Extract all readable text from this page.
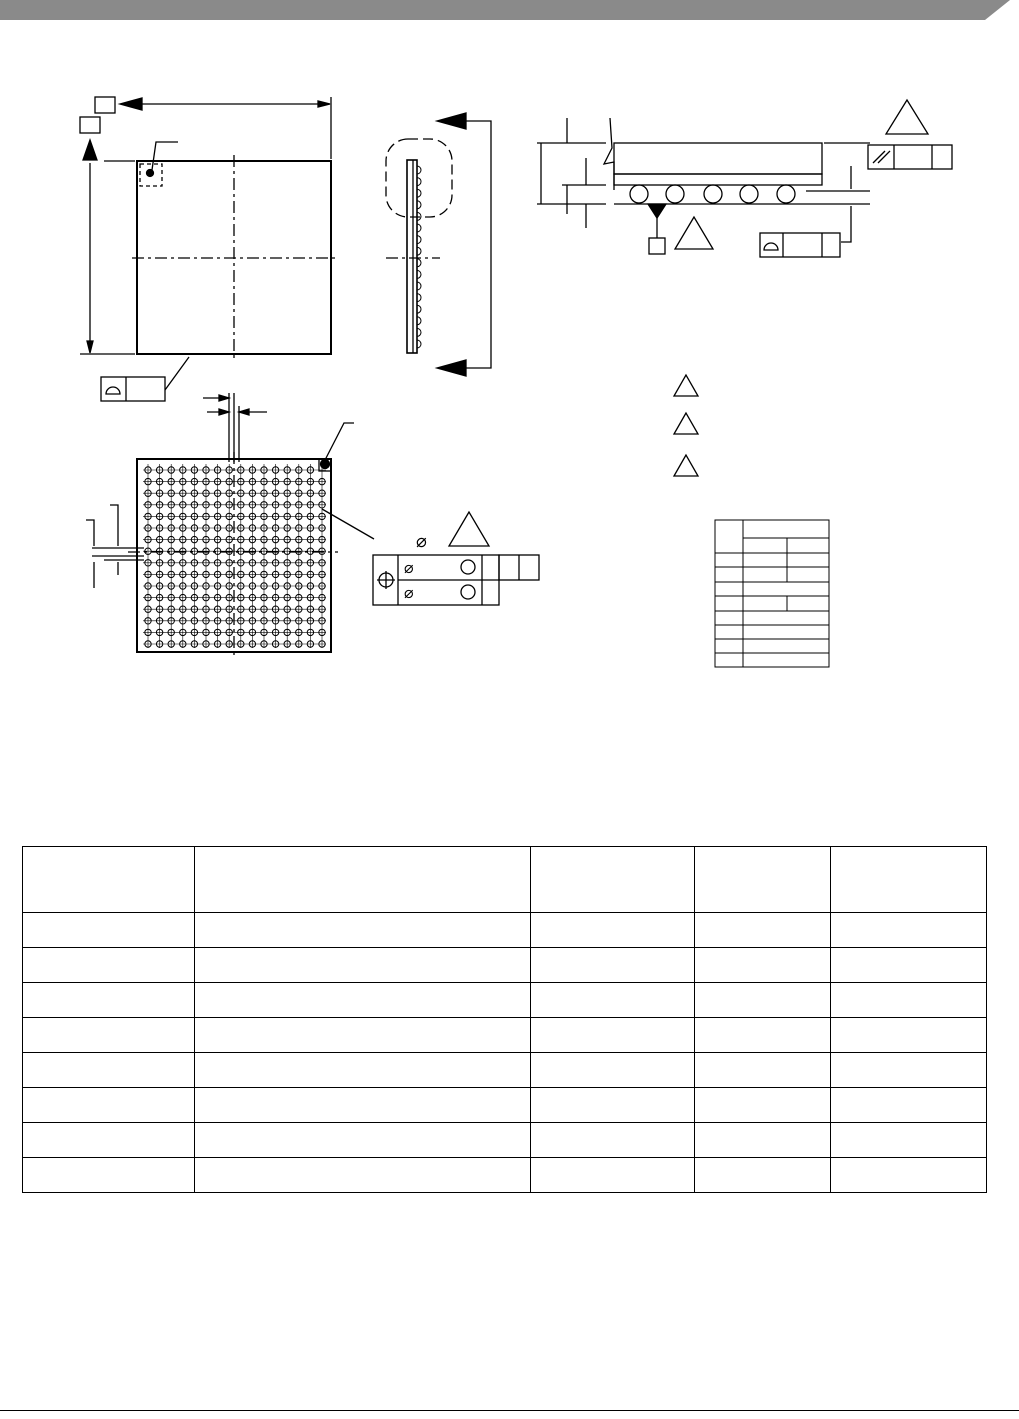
⌀
⌀
⌀
